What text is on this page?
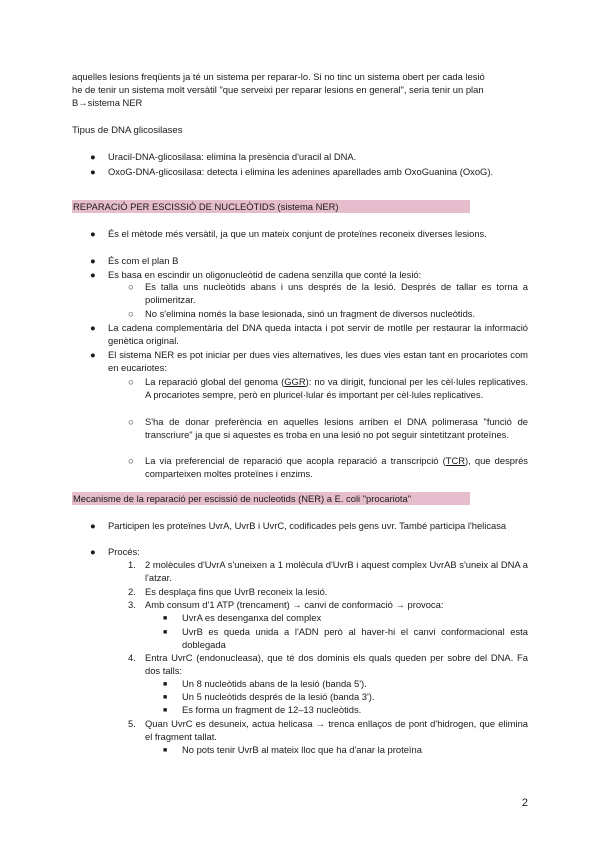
aquelles lesions freqüents ja té un sistema per reparar-lo. Si no tinc un sistema obert per cada lesió
he de tenir un sistema molt versàtil "que serveixi per reparar lesions en general", seria tenir un plan
B→sistema NER
Tipus de DNA glicosilases
● Uracil-DNA-glicosilasa: elimina la presència d'uracil al DNA.
● OxoG-DNA-glicosilasa: detecta i elimina les adenines aparellades amb OxoGuanina (OxoG).
REPARACIÓ PER ESCISSIÓ DE NUCLEÒTIDS (sistema NER)
● És el mètode més versàtil, ja que un mateix conjunt de proteïnes reconeix diverses lesions.
● És com el plan B
● Es basa en escindir un oligonucleòtid de cadena senzilla que conté la lesió:
○ Es talla uns nucleòtids abans i uns després de la lesió. Després de tallar es torna a polimeritzar.
○ No s'elimina només la base lesionada, sinó un fragment de diversos nucleòtids.
● La cadena complementària del DNA queda intacta i pot servir de motlle per restaurar la informació genètica original.
● El sistema NER es pot iniciar per dues vies alternatives, les dues vies estan tant en procariotes com en eucariotes:
○ La reparació global del genoma (GGR): no va dirigit, funcional per les cèl·lules replicatives. A procariotes sempre, però en pluricel·lular és important per cèl·lules replicatives.
○ S'ha de donar preferència en aquelles lesions arriben el DNA polimerasa "funció de transcriure" ja que si aquestes es troba en una lesió no pot seguir sintetitzant proteïnes.
○ La via preferencial de reparació que acopla reparació a transcripció (TCR), que després comparteixen moltes proteïnes i enzims.
Mecanisme de la reparació per escissió de nucleotids (NER) a E. coli "procariota"
● Participen les proteïnes UvrA, UvrB i UvrC, codificades pels gens uvr. També participa l'helicasa
● Procés:
1. 2 molècules d'UvrA s'uneixen a 1 molècula d'UvrB i aquest complex UvrAB s'uneix al DNA a l'atzar.
2. Es desplaça fins que UvrB reconeix la lesió.
3. Amb consum d'1 ATP (trencament) → canvi de conformació → provoca:
■ UvrA es desenganxa del complex
■ UvrB es queda unida a l'ADN però al haver-hi el canvi conformacional esta doblegada
4. Entra UvrC (endonucleasa), que té dos dominis els quals queden per sobre del DNA. Fa dos talls:
■ Un 8 nucleòtids abans de la lesió (banda 5').
■ Un 5 nucleòtids després de la lesió (banda 3').
■ Es forma un fragment de 12–13 nucleòtids.
5. Quan UvrC es desuneix, actua helicasa → trenca enllaços de pont d'hidrogen, que elimina el fragment tallat.
■ No pots tenir UvrB al mateix lloc que ha d'anar la proteïna
2
